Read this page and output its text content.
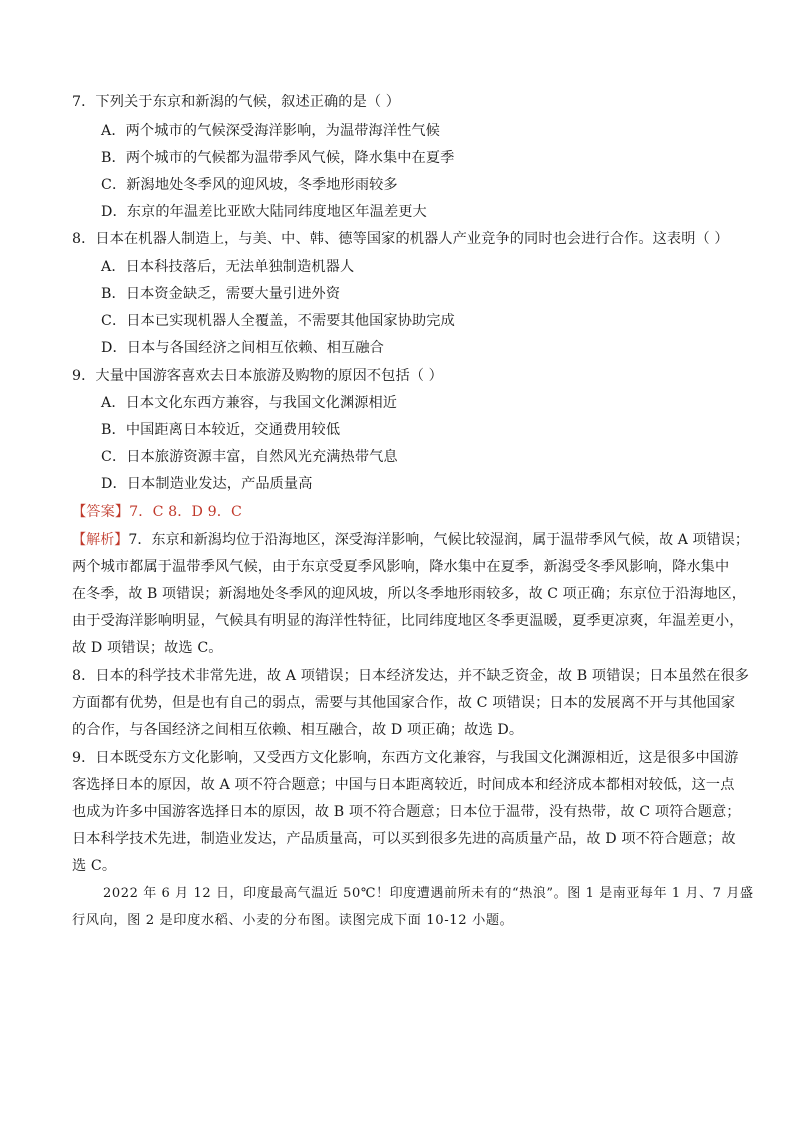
7．下列关于东京和新潟的气候，叙述正确的是（ ）
A．两个城市的气候深受海洋影响，为温带海洋性气候
B．两个城市的气候都为温带季风气候，降水集中在夏季
C．新潟地处冬季风的迎风坡，冬季地形雨较多
D．东京的年温差比亚欧大陆同纬度地区年温差更大
8．日本在机器人制造上，与美、中、韩、德等国家的机器人产业竞争的同时也会进行合作。这表明（ ）
A．日本科技落后，无法单独制造机器人
B．日本资金缺乏，需要大量引进外资
C．日本已实现机器人全覆盖，不需要其他国家协助完成
D．日本与各国经济之间相互依赖、相互融合
9．大量中国游客喜欢去日本旅游及购物的原因不包括（ ）
A．日本文化东西方兼容，与我国文化渊源相近
B．中国距离日本较近，交通费用较低
C．日本旅游资源丰富，自然风光充满热带气息
D．日本制造业发达，产品质量高
【答案】7．C 8．D 9．C
【解析】7．东京和新潟均位于沿海地区，深受海洋影响，气候比较湿润，属于温带季风气候，故 A 项错误；
两个城市都属于温带季风气候，由于东京受夏季风影响，降水集中在夏季，新潟受冬季风影响，降水集中
在冬季，故 B 项错误；新潟地处冬季风的迎风坡，所以冬季地形雨较多，故 C 项正确；东京位于沿海地区，
由于受海洋影响明显，气候具有明显的海洋性特征，比同纬度地区冬季更温暖，夏季更凉爽，年温差更小，
故 D 项错误；故选 C。
8．日本的科学技术非常先进，故 A 项错误；日本经济发达，并不缺乏资金，故 B 项错误；日本虽然在很多
方面都有优势，但是也有自己的弱点，需要与其他国家合作，故 C 项错误；日本的发展离不开与其他国家
的合作，与各国经济之间相互依赖、相互融合，故 D 项正确；故选 D。
9．日本既受东方文化影响，又受西方文化影响，东西方文化兼容，与我国文化渊源相近，这是很多中国游
客选择日本的原因，故 A 项不符合题意；中国与日本距离较近，时间成本和经济成本都相对较低，这一点
也成为许多中国游客选择日本的原因，故 B 项不符合题意；日本位于温带，没有热带，故 C 项符合题意；
日本科学技术先进，制造业发达，产品质量高，可以买到很多先进的高质量产品，故 D 项不符合题意；故
选 C。
2022 年 6 月 12 日，印度最高气温近 50℃！印度遭遇前所未有的“热浪”。图 1 是南亚每年 1 月、7 月盛
行风向，图 2 是印度水稻、小麦的分布图。读图完成下面 10-12 小题。
